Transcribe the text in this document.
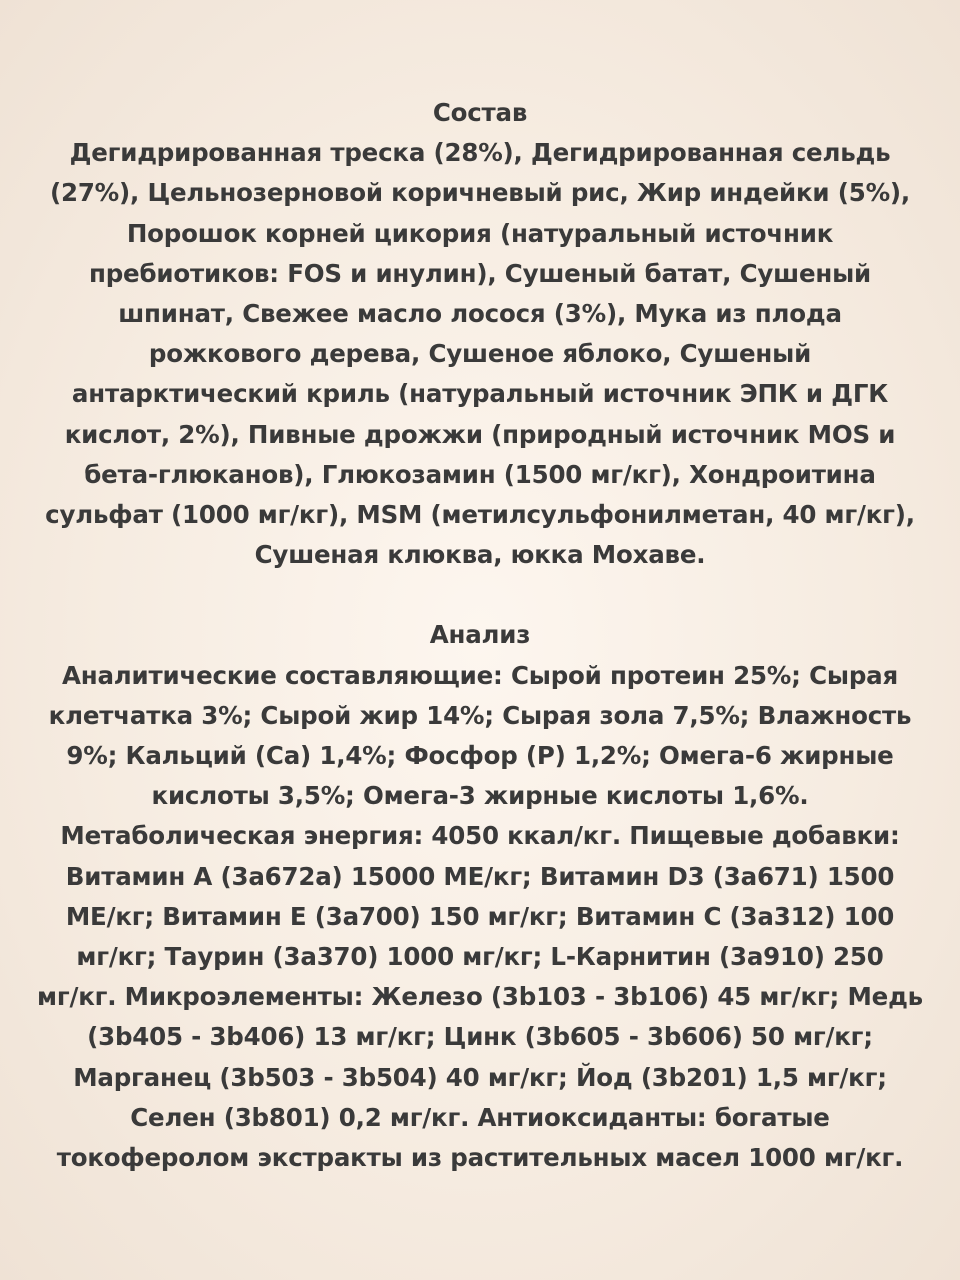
Состав

Дегидрированная треска (28%), Дегидрированная сельдь

(27%), Цельнозерновой коричневый рис, Жир индейки (5%),

Порошок корней цикория (натуральный источник

пребиотиков: FOS и инулин), Сушеный батат, Сушеный

шпинат, Свежее масло лосося (3%), Мука из плода

рожкового дерева, Сушеное яблоко, Сушеный

антарктический криль (натуральный источник ЭПК и ДГК

кислот, 2%), Пивные дрожжи (природный источник MOS и

бета-глюканов), Глюкозамин (1500 мг/кг), Хондроитина

сульфат (1000 мг/кг), MSM (метилсульфонилметан, 40 мг/кг),

Сушеная клюква, юкка Мохаве.

Анализ

Аналитические составляющие: Сырой протеин 25%; Сырая

клетчатка 3%; Сырой жир 14%; Сырая зола 7,5%; Влажность

9%; Кальций (Ca) 1,4%; Фосфор (P) 1,2%; Омега-6 жирные

кислоты 3,5%; Омега-3 жирные кислоты 1,6%.

Метаболическая энергия: 4050 ккал/кг. Пищевые добавки:

Витамин A (3a672a) 15000 МЕ/кг; Витамин D3 (3a671) 1500

МЕ/кг; Витамин E (3a700) 150 мг/кг; Витамин C (3a312) 100

мг/кг; Таурин (3a370) 1000 мг/кг; L-Карнитин (3a910) 250

мг/кг. Микроэлементы: Железо (3b103 - 3b106) 45 мг/кг; Медь

(3b405 - 3b406) 13 мг/кг; Цинк (3b605 - 3b606) 50 мг/кг;

Марганец (3b503 - 3b504) 40 мг/кг; Йод (3b201) 1,5 мг/кг;

Селен (3b801) 0,2 мг/кг. Антиоксиданты: богатые

токоферолом экстракты из растительных масел 1000 мг/кг.
